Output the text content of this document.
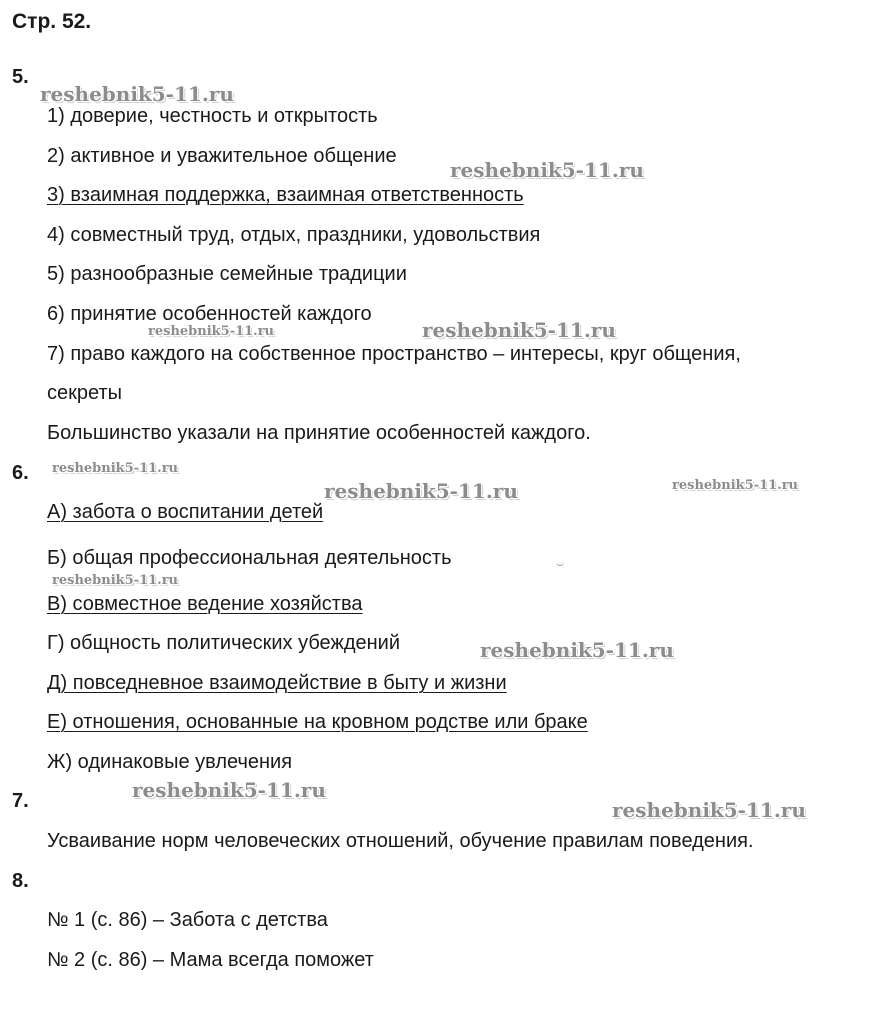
Стр. 52.
5.
1) доверие, честность и открытость
2) активное и уважительное общение
3) взаимная поддержка, взаимная ответственность
4) совместный труд, отдых, праздники, удовольствия
5) разнообразные семейные традиции
6) принятие особенностей каждого
7) право каждого на собственное пространство – интересы, круг общения,
секреты
Большинство указали на принятие особенностей каждого.
6.
А) забота о воспитании детей
Б) общая профессиональная деятельность
В) совместное ведение хозяйства
Г) общность политических убеждений
Д) повседневное взаимодействие в быту и жизни
Е) отношения, основанные на кровном родстве или браке
Ж) одинаковые увлечения
7.
Усваивание норм человеческих отношений, обучение правилам поведения.
8.
№ 1 (с. 86) – Забота с детства
№ 2 (с. 86) – Мама всегда поможет
reshebnik5-11.ru
reshebnik5-11.ru
reshebnik5-11.ru	reshebnik5-11.ru
reshebnik5-11.ru
reshebnik5-11.ru	reshebnik5-11.ru
reshebnik5-11.ru
reshebnik5-11.ru
reshebnik5-11.ru
reshebnik5-11.ru
